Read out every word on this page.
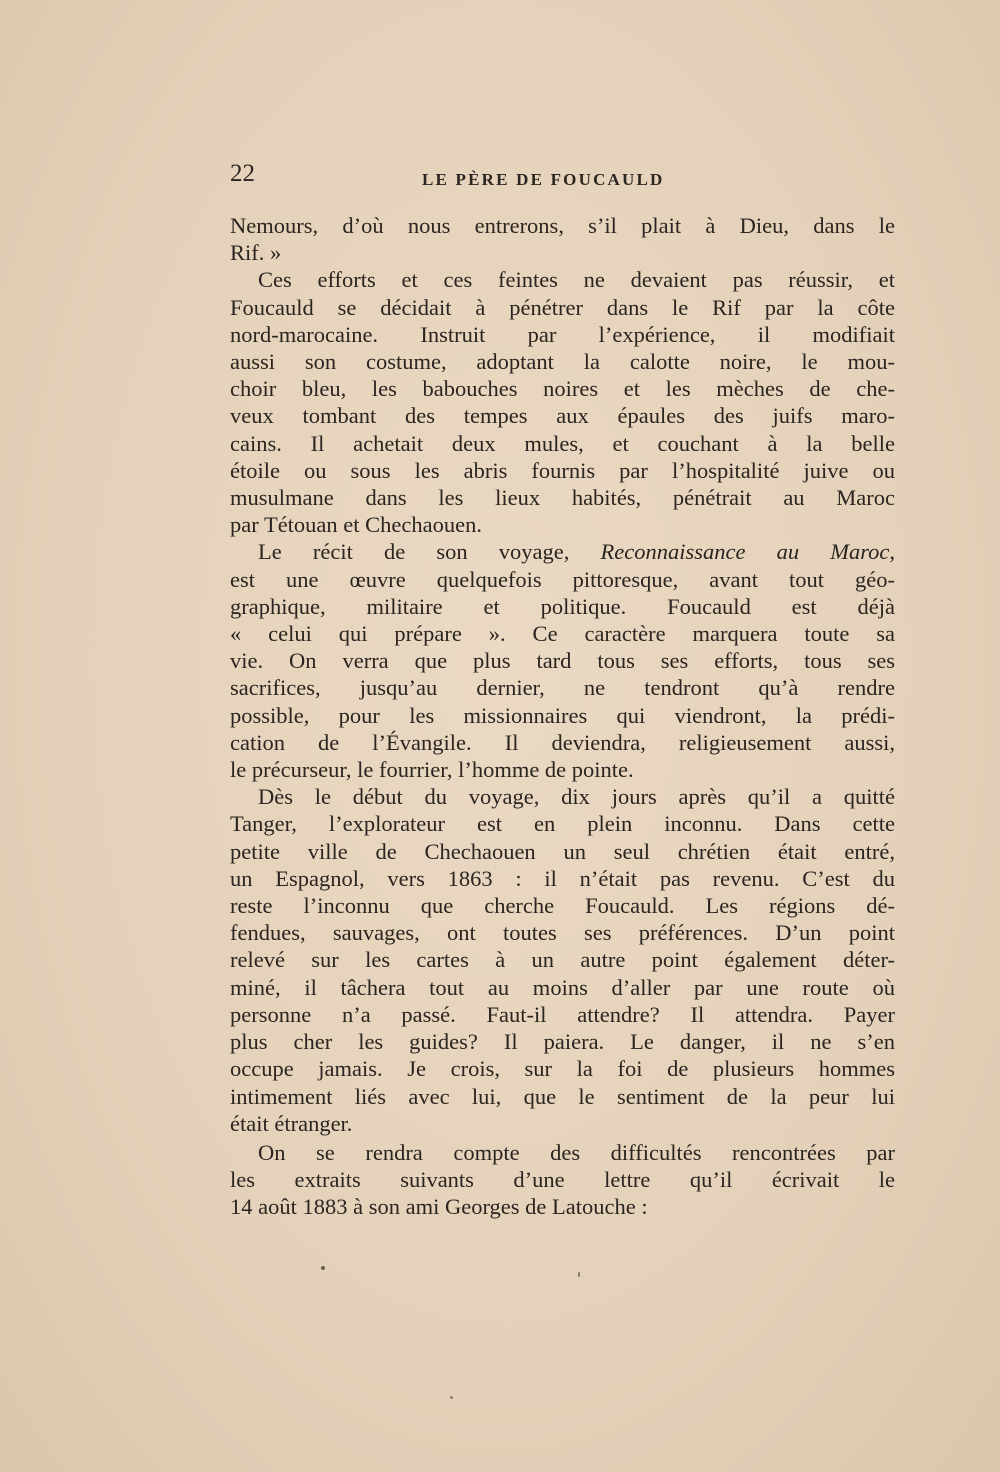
22	LE PÈRE DE FOUCAULD
Nemours, d’où nous entrerons, s’il plait à Dieu, dans le
Rif. »
Ces efforts et ces feintes ne devaient pas réussir, et
Foucauld se décidait à pénétrer dans le Rif par la côte
nord-marocaine. Instruit par l’expérience, il modifiait
aussi son costume, adoptant la calotte noire, le mou-
choir bleu, les babouches noires et les mèches de che-
veux tombant des tempes aux épaules des juifs maro-
cains. Il achetait deux mules, et couchant à la belle
étoile ou sous les abris fournis par l’hospitalité juive ou
musulmane dans les lieux habités, pénétrait au Maroc
par Tétouan et Chechaouen.
Le récit de son voyage, Reconnaissance au Maroc,
est une œuvre quelquefois pittoresque, avant tout géo-
graphique, militaire et politique. Foucauld est déjà
« celui qui prépare ». Ce caractère marquera toute sa
vie. On verra que plus tard tous ses efforts, tous ses
sacrifices, jusqu’au dernier, ne tendront qu’à rendre
possible, pour les missionnaires qui viendront, la prédi-
cation de l’Évangile. Il deviendra, religieusement aussi,
le précurseur, le fourrier, l’homme de pointe.
Dès le début du voyage, dix jours après qu’il a quitté
Tanger, l’explorateur est en plein inconnu. Dans cette
petite ville de Chechaouen un seul chrétien était entré,
un Espagnol, vers 1863 : il n’était pas revenu. C’est du
reste l’inconnu que cherche Foucauld. Les régions dé-
fendues, sauvages, ont toutes ses préférences. D’un point
relevé sur les cartes à un autre point également déter-
miné, il tâchera tout au moins d’aller par une route où
personne n’a passé. Faut-il attendre? Il attendra. Payer
plus cher les guides? Il paiera. Le danger, il ne s’en
occupe jamais. Je crois, sur la foi de plusieurs hommes
intimement liés avec lui, que le sentiment de la peur lui
était étranger.
On se rendra compte des difficultés rencontrées par
les extraits suivants d’une lettre qu’il écrivait le
14 août 1883 à son ami Georges de Latouche :
